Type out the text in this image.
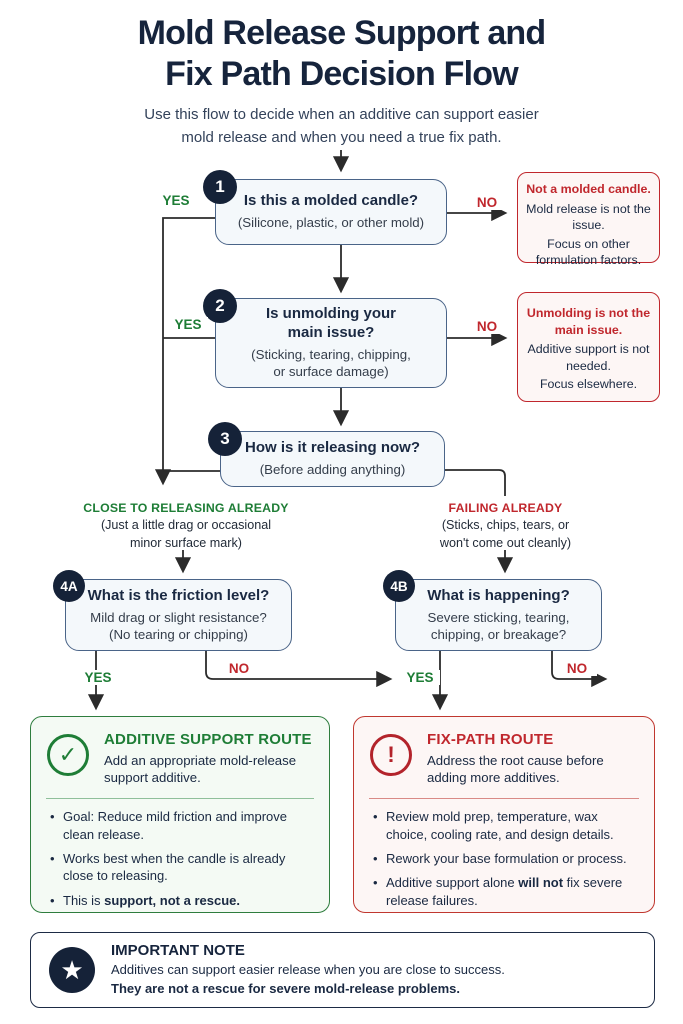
Mold Release Support and
Fix Path Decision Flow
Use this flow to decide when an additive can support easier
mold release and when you need a true fix path.
1
Is this a molded candle?
(Silicone, plastic, or other mold)
YES	NO
Not a molded candle.

Mold release is not the issue.

Focus on other formulation factors.

2	Is unmolding your
main issue?
(Sticking, tearing, chipping,
or surface damage)
YES	NO
Unmolding is not the main issue.

Additive support is not needed.

Focus elsewhere.

3	How is it releasing now?
(Before adding anything)
CLOSE TO RELEASING ALREADY
(Just a little drag or occasional
minor surface mark)
FAILING ALREADY
(Sticks, chips, tears, or
won't come out cleanly)
4A
What is the friction level?
Mild drag or slight resistance?
(No tearing or chipping)
4B
What is happening?
Severe sticking, tearing,
chipping, or breakage?
YES
NO
YES
NO
✓
ADDITIVE SUPPORT ROUTE
Add an appropriate mold-release support additive.
• Goal: Reduce mild friction and improve clean release.
• Works best when the candle is already close to releasing.
• This is support, not a rescue.
!
FIX-PATH ROUTE
Address the root cause before adding more additives.
• Review mold prep, temperature, wax choice, cooling rate, and design details.
• Rework your base formulation or process.
• Additive support alone will not fix severe release failures.
★
IMPORTANT NOTE
Additives can support easier release when you are close to success.
They are not a rescue for severe mold-release problems.
